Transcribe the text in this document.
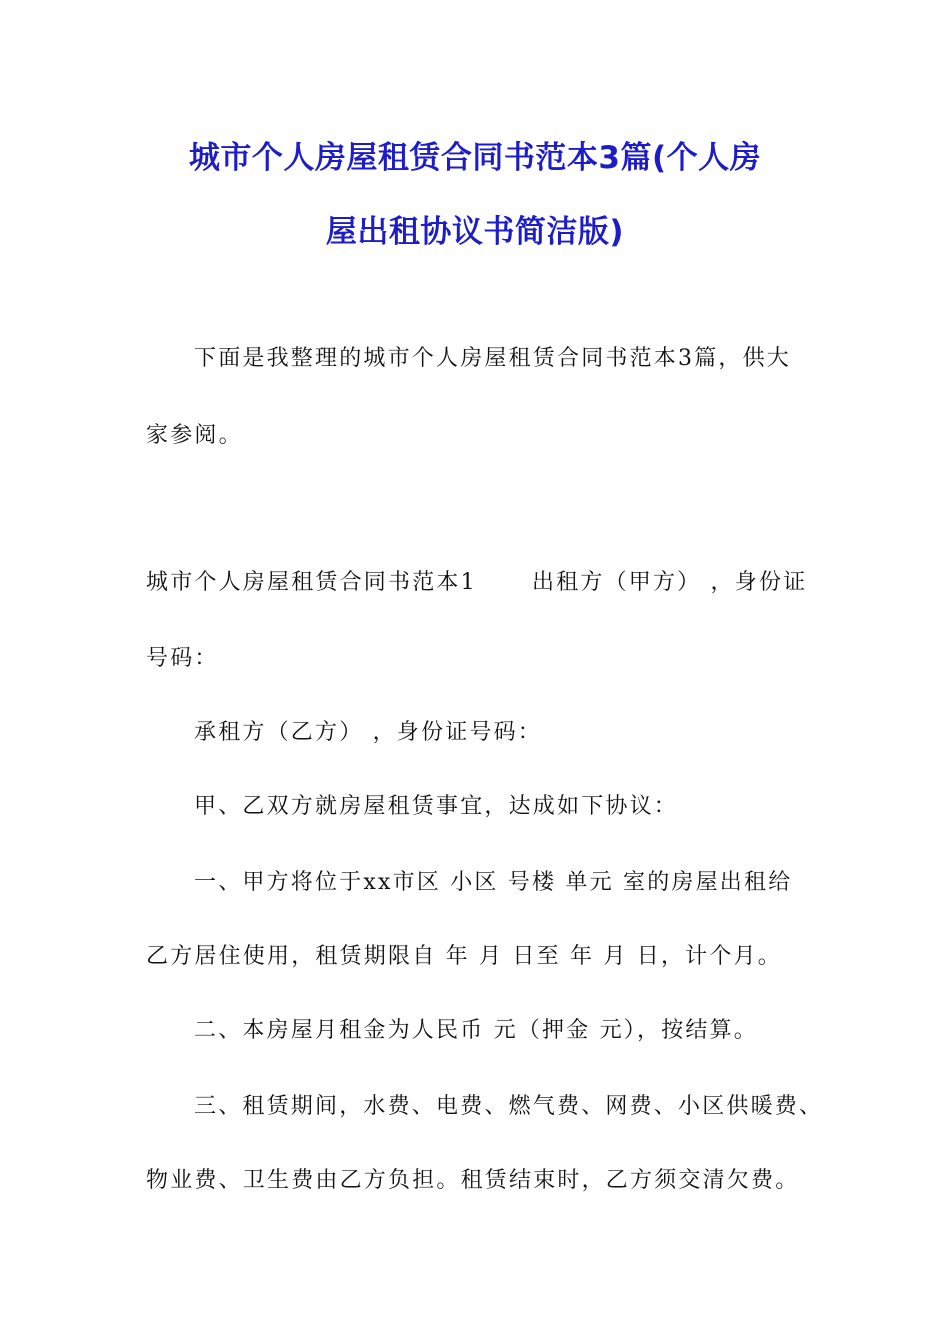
城市个人房屋租赁合同书范本3篇(个人房
屋出租协议书简洁版)
下面是我整理的城市个人房屋租赁合同书范本3篇，供大
家参阅。
城市个人房屋租赁合同书范本1      出租方（甲方） ，身份证
号码：
承租方（乙方） ，身份证号码：
甲、乙双方就房屋租赁事宜，达成如下协议：
一、甲方将位于xx市区 小区 号楼 单元 室的房屋出租给
乙方居住使用，租赁期限自 年 月 日至 年 月 日，计个月。
二、本房屋月租金为人民币 元（押金 元），按结算。
三、租赁期间，水费、电费、燃气费、网费、小区供暖费、
物业费、卫生费由乙方负担。租赁结束时，乙方须交清欠费。
